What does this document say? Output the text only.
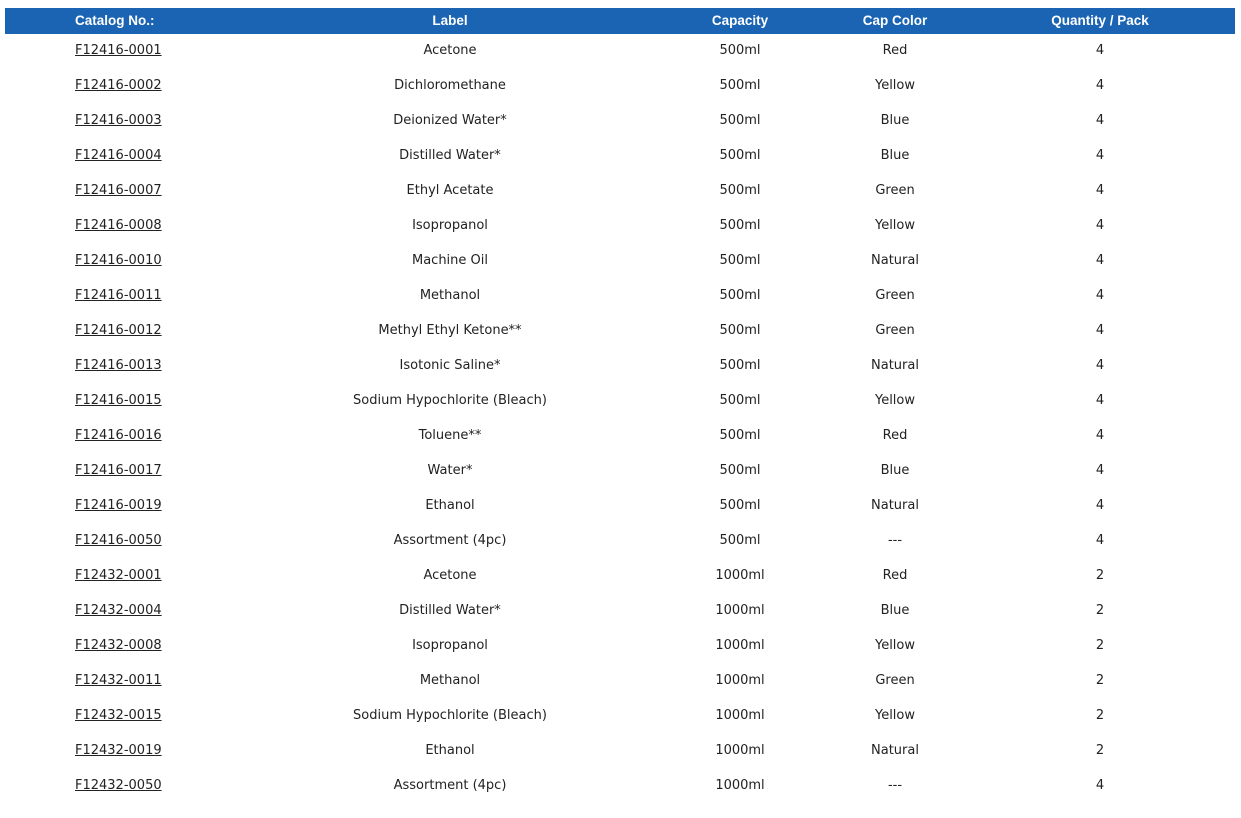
Catalog No.:	Label	Capacity	Cap Color	Quantity / Pack
F12416-0001	Acetone	500ml	Red	4
F12416-0002	Dichloromethane	500ml	Yellow	4
F12416-0003	Deionized Water*	500ml	Blue	4
F12416-0004	Distilled Water*	500ml	Blue	4
F12416-0007	Ethyl Acetate	500ml	Green	4
F12416-0008	Isopropanol	500ml	Yellow	4
F12416-0010	Machine Oil	500ml	Natural	4
F12416-0011	Methanol	500ml	Green	4
F12416-0012	Methyl Ethyl Ketone**	500ml	Green	4
F12416-0013	Isotonic Saline*	500ml	Natural	4
F12416-0015	Sodium Hypochlorite (Bleach)	500ml	Yellow	4
F12416-0016	Toluene**	500ml	Red	4
F12416-0017	Water*	500ml	Blue	4
F12416-0019	Ethanol	500ml	Natural	4
F12416-0050	Assortment (4pc)	500ml	---	4
F12432-0001	Acetone	1000ml	Red	2
F12432-0004	Distilled Water*	1000ml	Blue	2
F12432-0008	Isopropanol	1000ml	Yellow	2
F12432-0011	Methanol	1000ml	Green	2
F12432-0015	Sodium Hypochlorite (Bleach)	1000ml	Yellow	2
F12432-0019	Ethanol	1000ml	Natural	2
F12432-0050	Assortment (4pc)	1000ml	---	4
